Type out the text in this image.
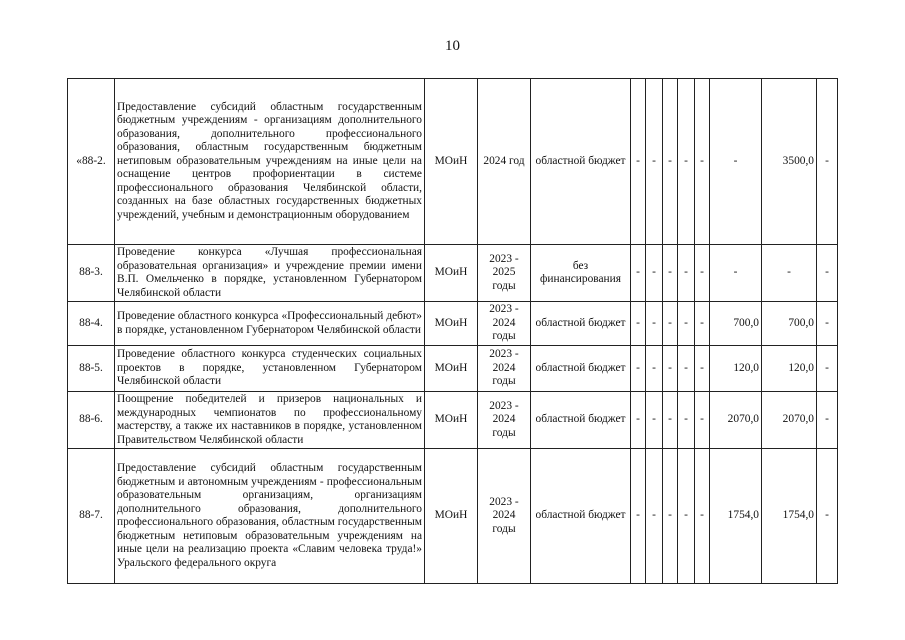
10
«88-2.	Предоставление субсидий областным государственным бюджетным учреждениям - организациям дополнительного образования, дополнительного профессионального образования, областным государственным бюджетным нетиповым образовательным учреждениям на иные цели на оснащение центров профориентации в системе профессионального образования Челябинской области, созданных на базе областных государственных бюджетных учреждений, учебным и демонстрационным оборудованием	МОиН	2024 год	областной бюджет	-	-	-	-	-	-	3500,0	-
88-3.	Проведение конкурса «Лучшая профессиональная образовательная организация» и учреждение премии имени В.П. Омельченко в порядке, установленном Губернатором Челябинской области	МОиН	2023 - 2025 годы	без финансирования	-	-	-	-	-	-	-	-
88-4.	Проведение областного конкурса «Профессиональный дебют» в порядке, установленном Губернатором Челябинской области	МОиН	2023 - 2024 годы	областной бюджет	-	-	-	-	-	700,0	700,0	-
88-5.	Проведение областного конкурса студенческих социальных проектов в порядке, установленном Губернатором Челябинской области	МОиН	2023 - 2024 годы	областной бюджет	-	-	-	-	-	120,0	120,0	-
88-6.	Поощрение победителей и призеров национальных и международных чемпионатов по профессиональному мастерству, а также их наставников в порядке, установленном Правительством Челябинской области	МОиН	2023 - 2024 годы	областной бюджет	-	-	-	-	-	2070,0	2070,0	-
88-7.	Предоставление субсидий областным государственным бюджетным и автономным учреждениям - профессиональным образовательным организациям, организациям дополнительного образования, дополнительного профессионального образования, областным государственным бюджетным нетиповым образовательным учреждениям на иные цели на реализацию проекта «Славим человека труда!» Уральского федерального округа	МОиН	2023 - 2024 годы	областной бюджет	-	-	-	-	-	1754,0	1754,0	-
